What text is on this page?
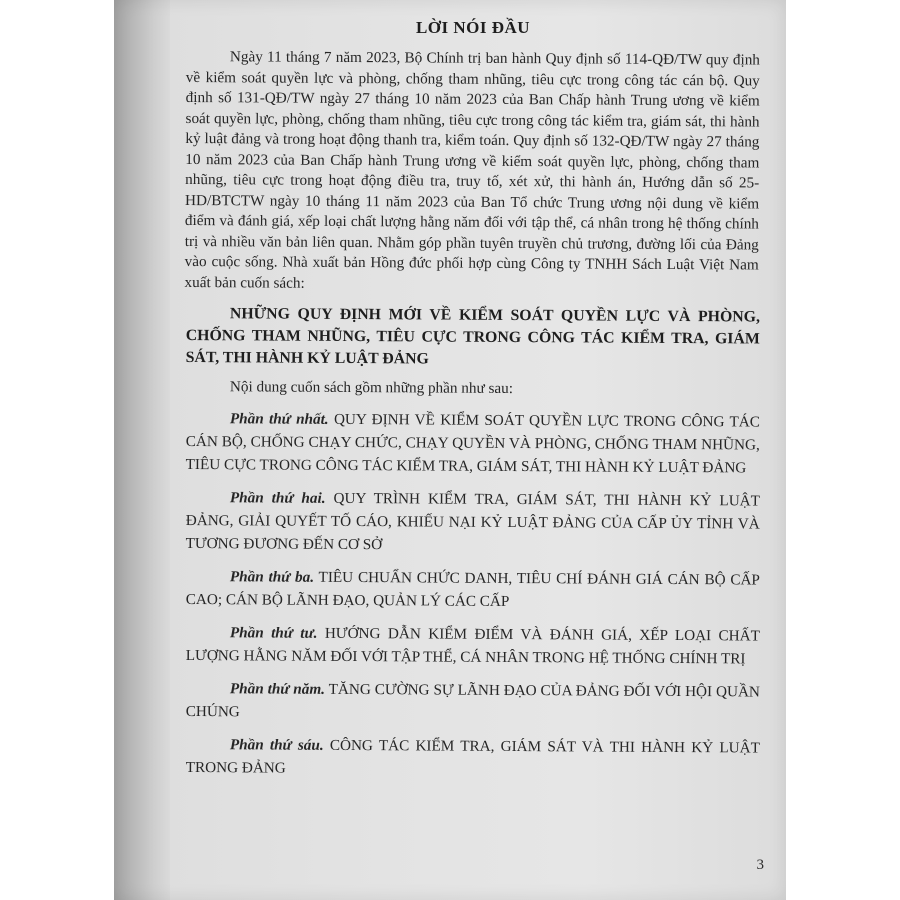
LỜI NÓI ĐẦU

Ngày 11 tháng 7 năm 2023, Bộ Chính trị ban hành Quy định số 114-QĐ/TW quy định về kiểm soát quyền lực và phòng, chống tham nhũng, tiêu cực trong công tác cán bộ. Quy định số 131-QĐ/TW ngày 27 tháng 10 năm 2023 của Ban Chấp hành Trung ương về kiểm soát quyền lực, phòng, chống tham nhũng, tiêu cực trong công tác kiểm tra, giám sát, thi hành kỷ luật đảng và trong hoạt động thanh tra, kiểm toán. Quy định số 132-QĐ/TW ngày 27 tháng 10 năm 2023 của Ban Chấp hành Trung ương về kiểm soát quyền lực, phòng, chống tham nhũng, tiêu cực trong hoạt động điều tra, truy tố, xét xử, thi hành án, Hướng dẫn số 25-HD/BTCTW ngày 10 tháng 11 năm 2023 của Ban Tổ chức Trung ương nội dung về kiểm điểm và đánh giá, xếp loại chất lượng hằng năm đối với tập thể, cá nhân trong hệ thống chính trị và nhiều văn bản liên quan. Nhằm góp phần tuyên truyền chủ trương, đường lối của Đảng vào cuộc sống. Nhà xuất bản Hồng đức phối hợp cùng Công ty TNHH Sách Luật Việt Nam xuất bản cuốn sách:

NHỮNG QUY ĐỊNH MỚI VỀ KIỂM SOÁT QUYỀN LỰC VÀ PHÒNG, CHỐNG THAM NHŨNG, TIÊU CỰC TRONG CÔNG TÁC KIỂM TRA, GIÁM SÁT, THI HÀNH KỶ LUẬT ĐẢNG

Nội dung cuốn sách gồm những phần như sau:

Phần thứ nhất. QUY ĐỊNH VỀ KIỂM SOÁT QUYỀN LỰC TRONG CÔNG TÁC CÁN BỘ, CHỐNG CHẠY CHỨC, CHẠY QUYỀN VÀ PHÒNG, CHỐNG THAM NHŨNG, TIÊU CỰC TRONG CÔNG TÁC KIỂM TRA, GIÁM SÁT, THI HÀNH KỶ LUẬT ĐẢNG

Phần thứ hai. QUY TRÌNH KIỂM TRA, GIÁM SÁT, THI HÀNH KỶ LUẬT ĐẢNG, GIẢI QUYẾT TỐ CÁO, KHIẾU NẠI KỶ LUẬT ĐẢNG CỦA CẤP ỦY TỈNH VÀ TƯƠNG ĐƯƠNG ĐẾN CƠ SỞ

Phần thứ ba. TIÊU CHUẨN CHỨC DANH, TIÊU CHÍ ĐÁNH GIÁ CÁN BỘ CẤP CAO; CÁN BỘ LÃNH ĐẠO, QUẢN LÝ CÁC CẤP

Phần thứ tư. HƯỚNG DẪN KIỂM ĐIỂM VÀ ĐÁNH GIÁ, XẾP LOẠI CHẤT LƯỢNG HẰNG NĂM ĐỐI VỚI TẬP THỂ, CÁ NHÂN TRONG HỆ THỐNG CHÍNH TRỊ

Phần thứ năm. TĂNG CƯỜNG SỰ LÃNH ĐẠO CỦA ĐẢNG ĐỐI VỚI HỘI QUẦN CHÚNG

Phần thứ sáu. CÔNG TÁC KIỂM TRA, GIÁM SÁT VÀ THI HÀNH KỶ LUẬT TRONG ĐẢNG

3
